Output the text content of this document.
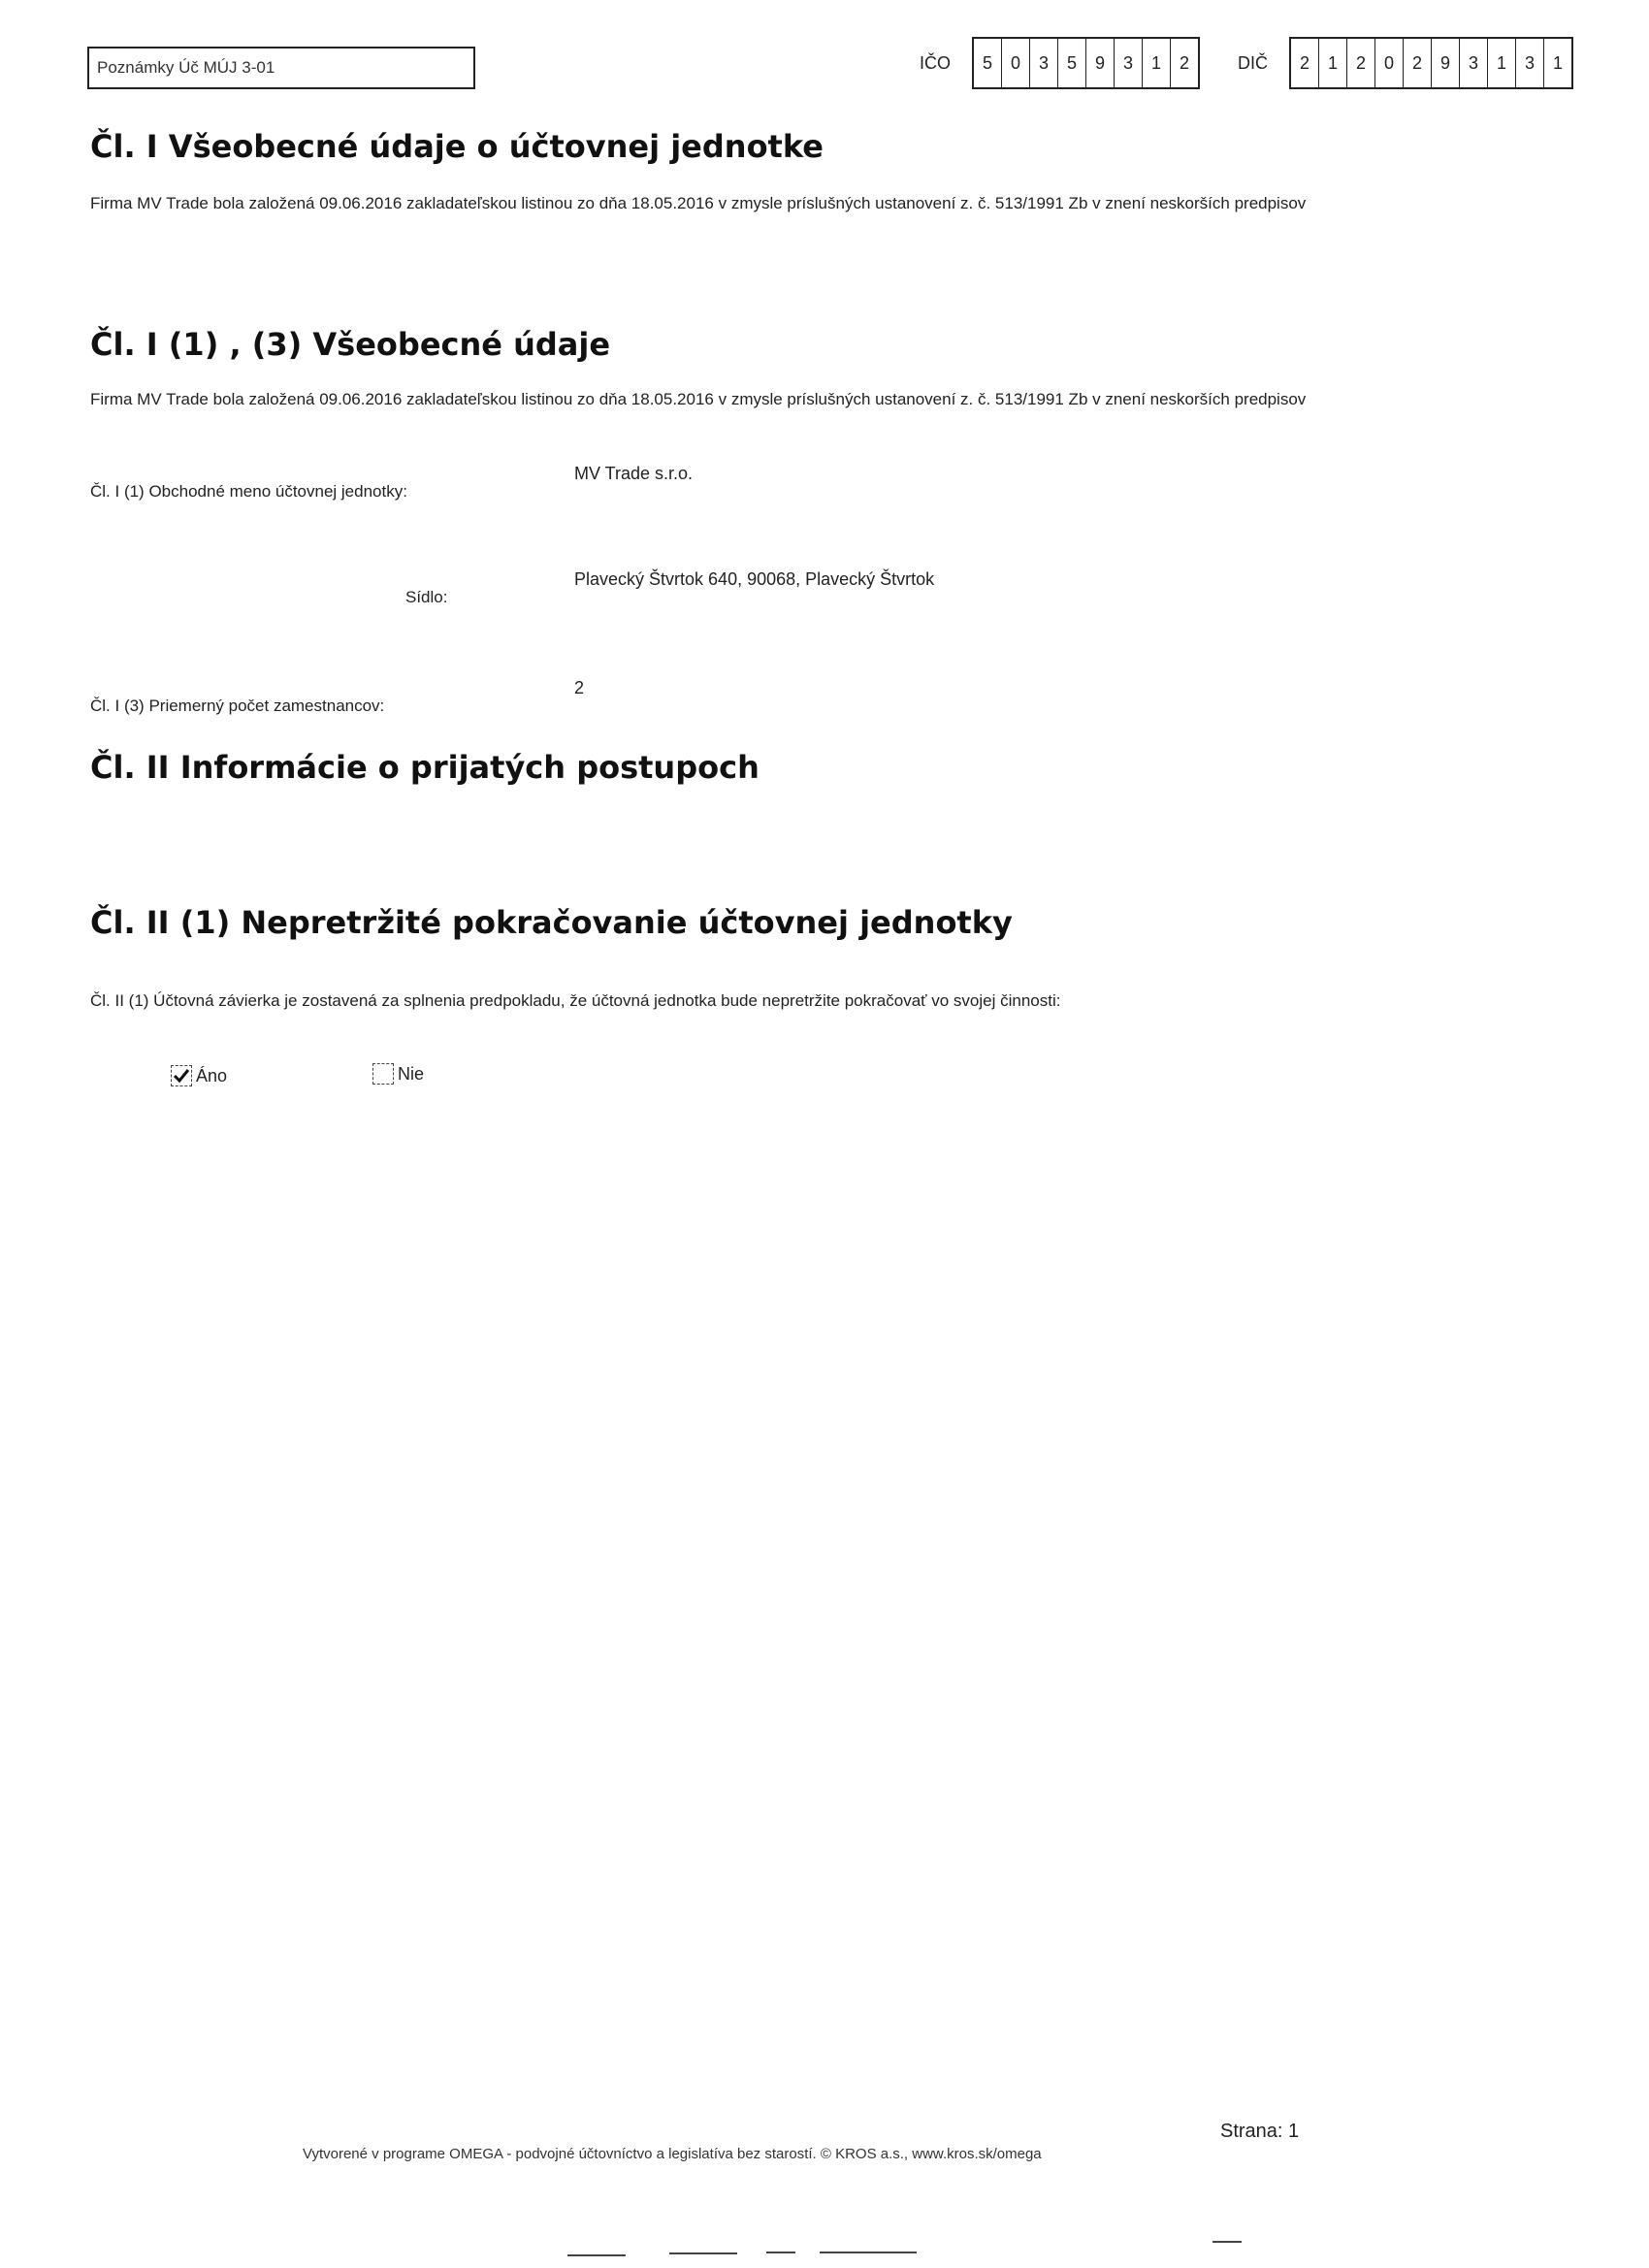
Poznámky Úč MÚJ 3-01	IČO	5	0	3	5	9	3	1	2	DIČ	2	1	2	0	2	9	3	1	3	1
Čl. I Všeobecné údaje o účtovnej jednotke
Firma MV Trade bola založená 09.06.2016 zakladateľskou listinou zo dňa 18.05.2016 v zmysle príslušných ustanovení z. č. 513/1991 Zb v znení neskorších predpisov
Čl. I (1) , (3) Všeobecné údaje
Firma MV Trade bola založená 09.06.2016 zakladateľskou listinou zo dňa 18.05.2016 v zmysle príslušných ustanovení z. č. 513/1991 Zb v znení neskorších predpisov
Čl. I (1) Obchodné meno účtovnej jednotky:
MV Trade s.r.o.
Sídlo:
Plavecký Štvrtok 640, 90068, Plavecký Štvrtok
Čl. I (3) Priemerný počet zamestnancov:
2
Čl. II Informácie o prijatých postupoch
Čl. II (1) Nepretržité pokračovanie účtovnej jednotky
Čl. II (1) Účtovná závierka je zostavená za splnenia predpokladu, že účtovná jednotka bude nepretržite pokračovať vo svojej činnosti:
Áno	Nie
Strana: 1
Vytvorené v programe OMEGA - podvojné účtovníctvo a legislatíva bez starostí. © KROS a.s., www.kros.sk/omega
